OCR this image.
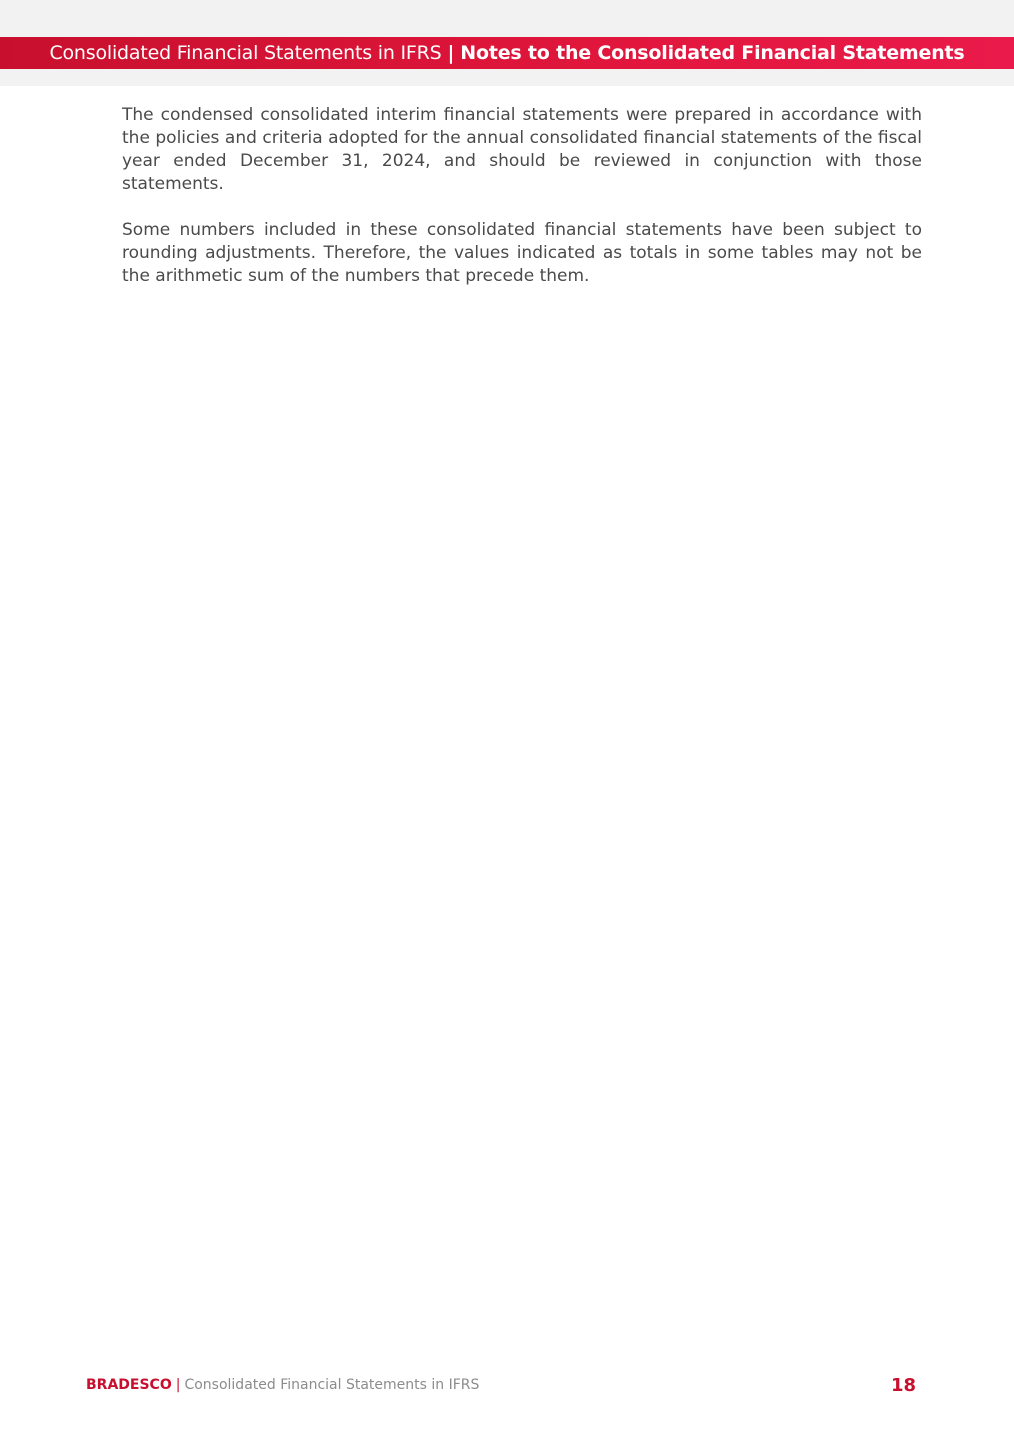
Consolidated Financial Statements in IFRS | Notes to the Consolidated Financial Statements

The condensed consolidated interim financial statements were prepared in accordance with the policies and criteria adopted for the annual consolidated financial statements of the fiscal year ended December 31, 2024, and should be reviewed in conjunction with those statements.

Some numbers included in these consolidated financial statements have been subject to rounding adjustments. Therefore, the values indicated as totals in some tables may not be the arithmetic sum of the numbers that precede them.

BRADESCO | Consolidated Financial Statements in IFRS	18
